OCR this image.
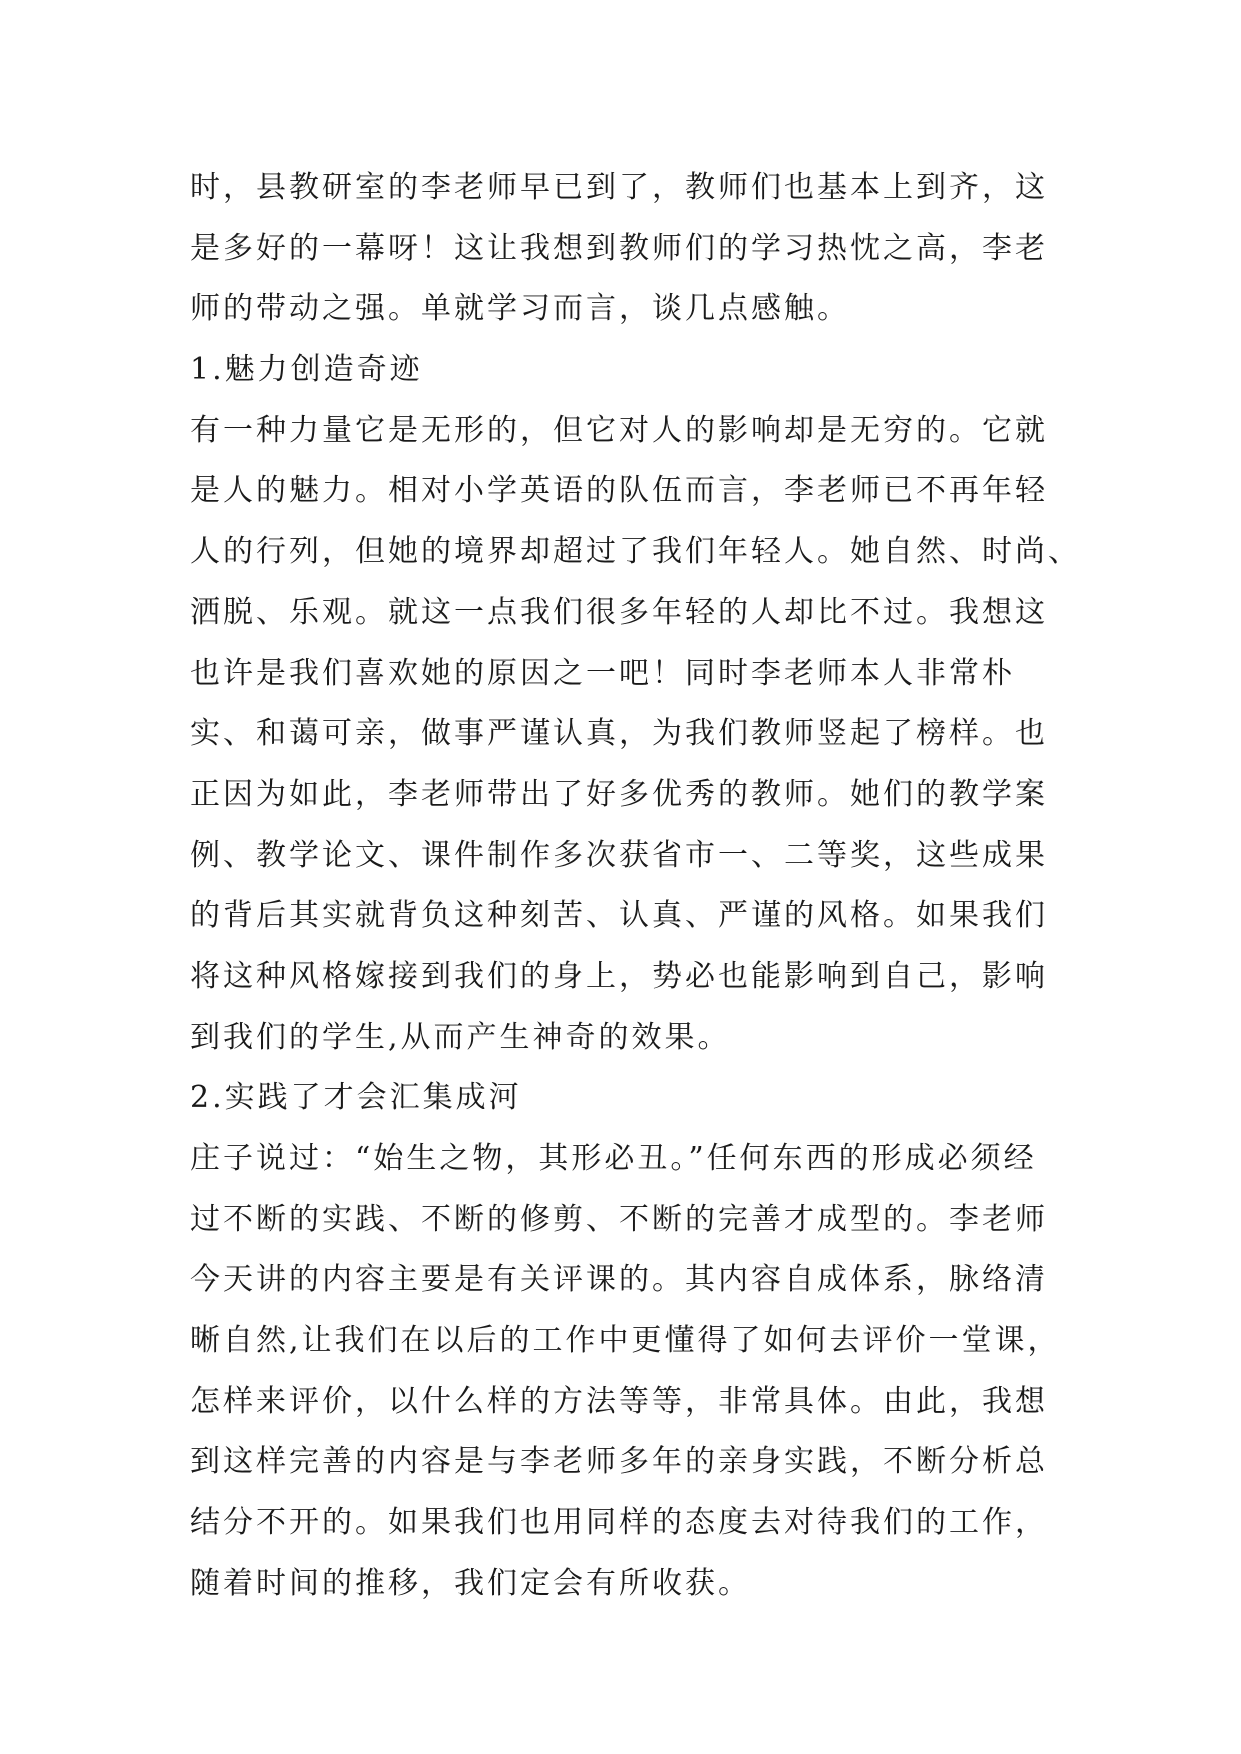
时，县教研室的李老师早已到了，教师们也基本上到齐，这
是多好的一幕呀！这让我想到教师们的学习热忱之高，李老
师的带动之强。单就学习而言，谈几点感触。
1.魅力创造奇迹
有一种力量它是无形的，但它对人的影响却是无穷的。它就
是人的魅力。相对小学英语的队伍而言，李老师已不再年轻
人的行列，但她的境界却超过了我们年轻人。她自然、时尚、
洒脱、乐观。就这一点我们很多年轻的人却比不过。我想这
也许是我们喜欢她的原因之一吧！同时李老师本人非常朴
实、和蔼可亲，做事严谨认真，为我们教师竖起了榜样。也
正因为如此，李老师带出了好多优秀的教师。她们的教学案
例、教学论文、课件制作多次获省市一、二等奖，这些成果
的背后其实就背负这种刻苦、认真、严谨的风格。如果我们
将这种风格嫁接到我们的身上，势必也能影响到自己，影响
到我们的学生,从而产生神奇的效果。
2.实践了才会汇集成河
庄子说过：“始生之物，其形必丑。”任何东西的形成必须经
过不断的实践、不断的修剪、不断的完善才成型的。李老师
今天讲的内容主要是有关评课的。其内容自成体系，脉络清
晰自然,让我们在以后的工作中更懂得了如何去评价一堂课，
怎样来评价，以什么样的方法等等，非常具体。由此，我想
到这样完善的内容是与李老师多年的亲身实践，不断分析总
结分不开的。如果我们也用同样的态度去对待我们的工作，
随着时间的推移，我们定会有所收获。
